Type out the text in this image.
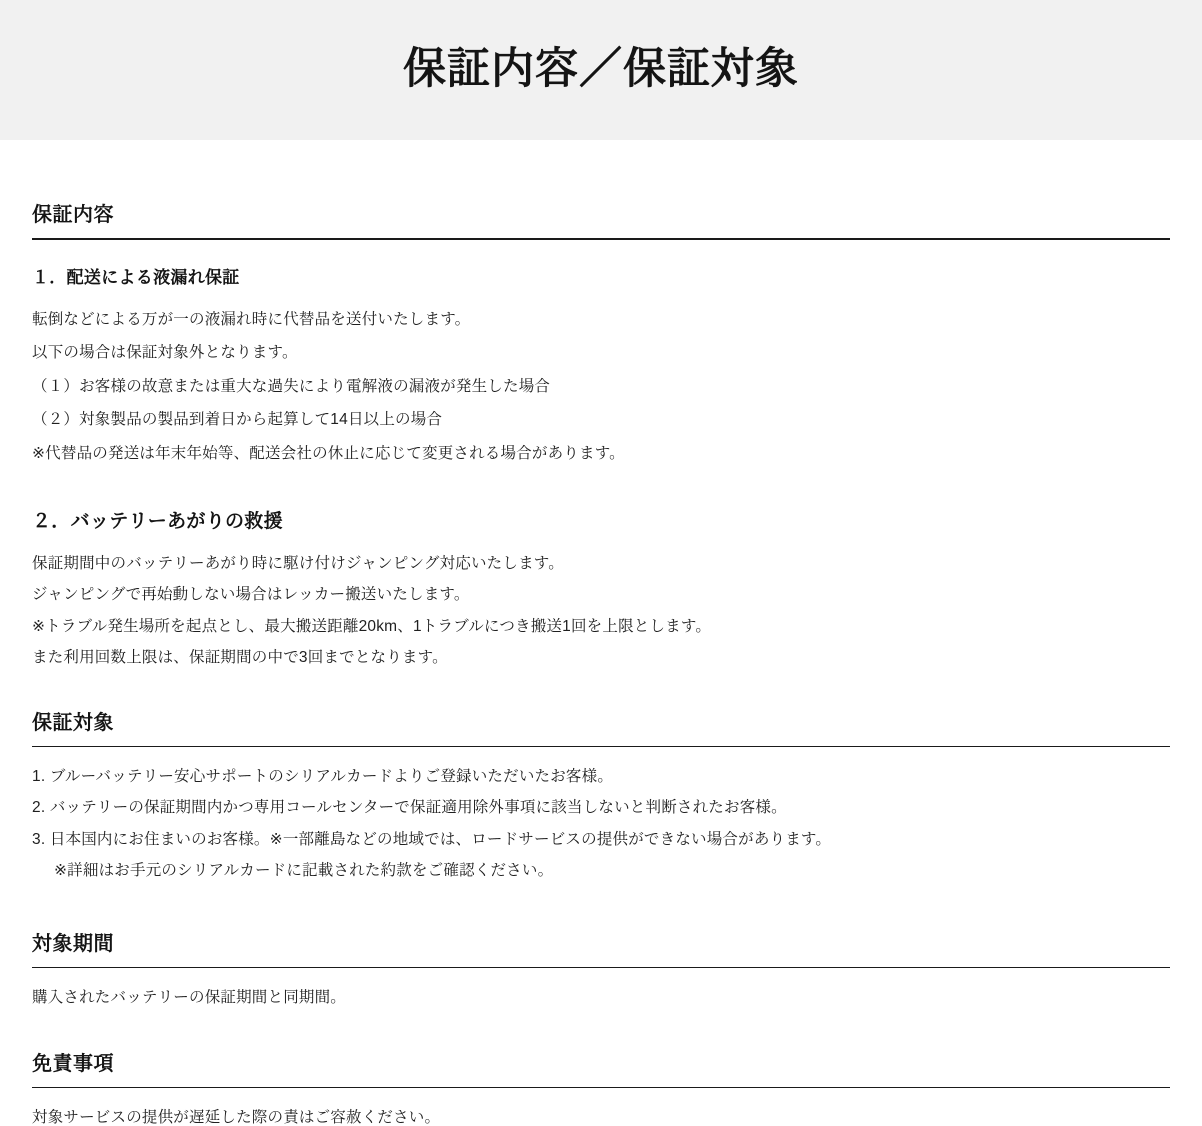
保証内容／保証対象
保証内容
１．配送による液漏れ保証

転倒などによる万が一の液漏れ時に代替品を送付いたします。

以下の場合は保証対象外となります。

（１）お客様の故意または重大な過失により電解液の漏液が発生した場合

（２）対象製品の製品到着日から起算して14日以上の場合

※代替品の発送は年末年始等、配送会社の休止に応じて変更される場合があります。

２．バッテリーあがりの救援

保証期間中のバッテリーあがり時に駆け付けジャンピング対応いたします。

ジャンピングで再始動しない場合はレッカー搬送いたします。

※トラブル発生場所を起点とし、最大搬送距離20km、1トラブルにつき搬送1回を上限とします。

また利用回数上限は、保証期間の中で3回までとなります。

保証対象

1. ブルーバッテリー安心サポートのシリアルカードよりご登録いただいたお客様。

2. バッテリーの保証期間内かつ専用コールセンターで保証適用除外事項に該当しないと判断されたお客様。

3. 日本国内にお住まいのお客様。※一部離島などの地域では、ロードサービスの提供ができない場合があります。

※詳細はお手元のシリアルカードに記載された約款をご確認ください。

対象期間

購入されたバッテリーの保証期間と同期間。

免責事項

対象サービスの提供が遅延した際の責はご容赦ください。
